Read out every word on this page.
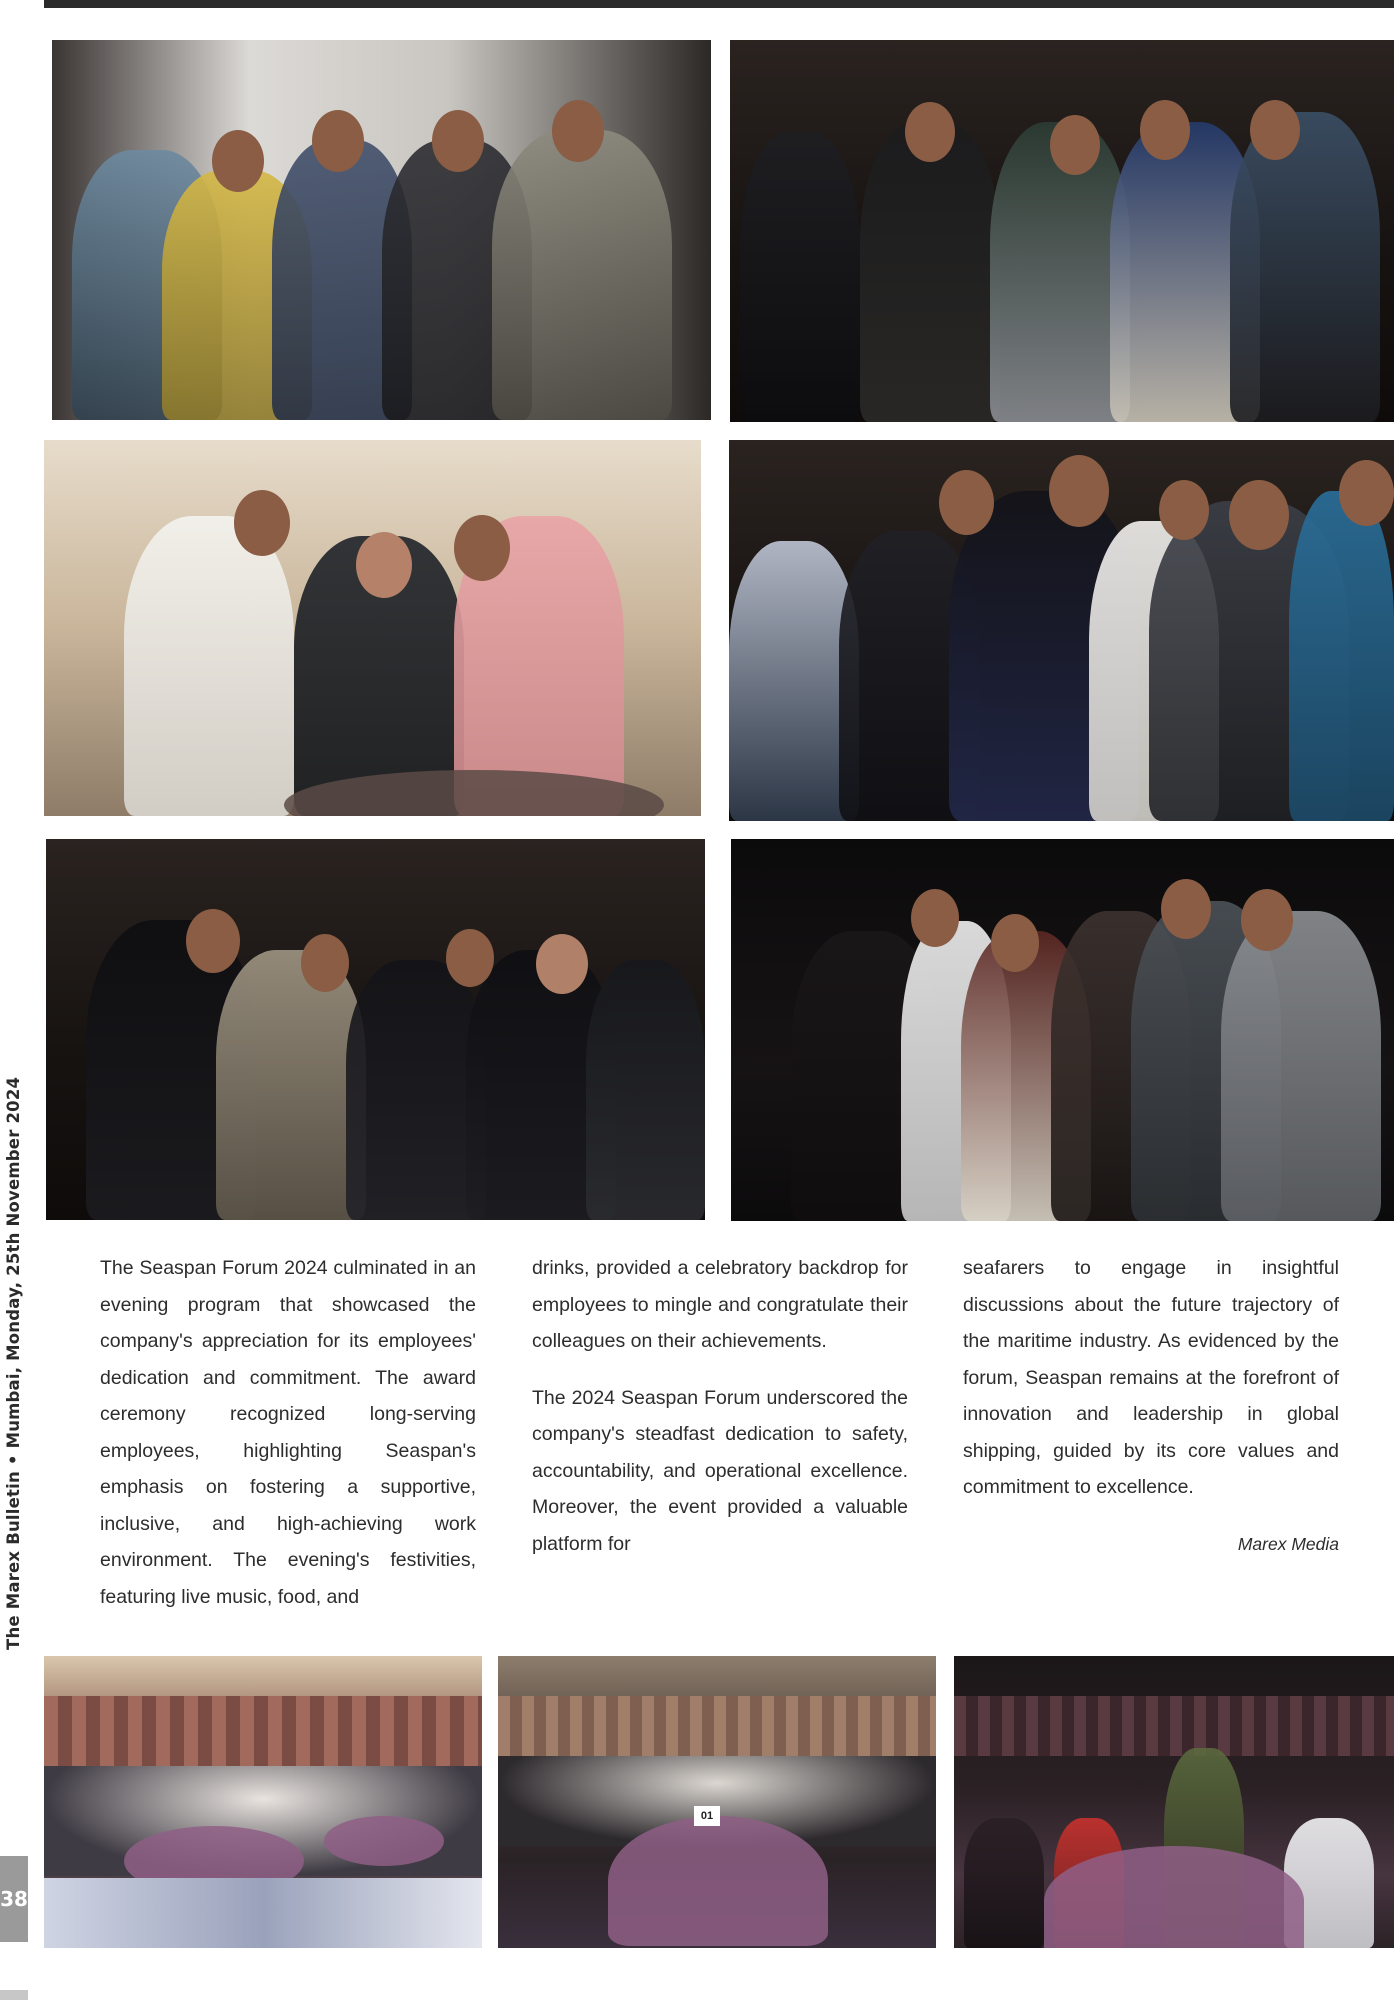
The Seaspan Forum 2024 culminated in an evening program that showcased the company's appreciation for its employees' dedication and commitment. The award ceremony recognized long-serving employees, highlighting Seaspan's emphasis on fostering a supportive, inclusive, and high-achieving work environment. The evening's festivities, featuring live music, food, and

drinks, provided a celebratory backdrop for employees to mingle and congratulate their colleagues on their achievements.

The 2024 Seaspan Forum underscored the company's steadfast dedication to safety, accountability, and operational excellence. Moreover, the event provided a valuable platform for

seafarers to engage in insightful discussions about the future trajectory of the maritime industry. As evidenced by the forum, Seaspan remains at the forefront of innovation and leadership in global shipping, guided by its core values and commitment to excellence.

Marex Media
01
The Marex Bulletin • Mumbai, Monday, 25th November 2024
38
